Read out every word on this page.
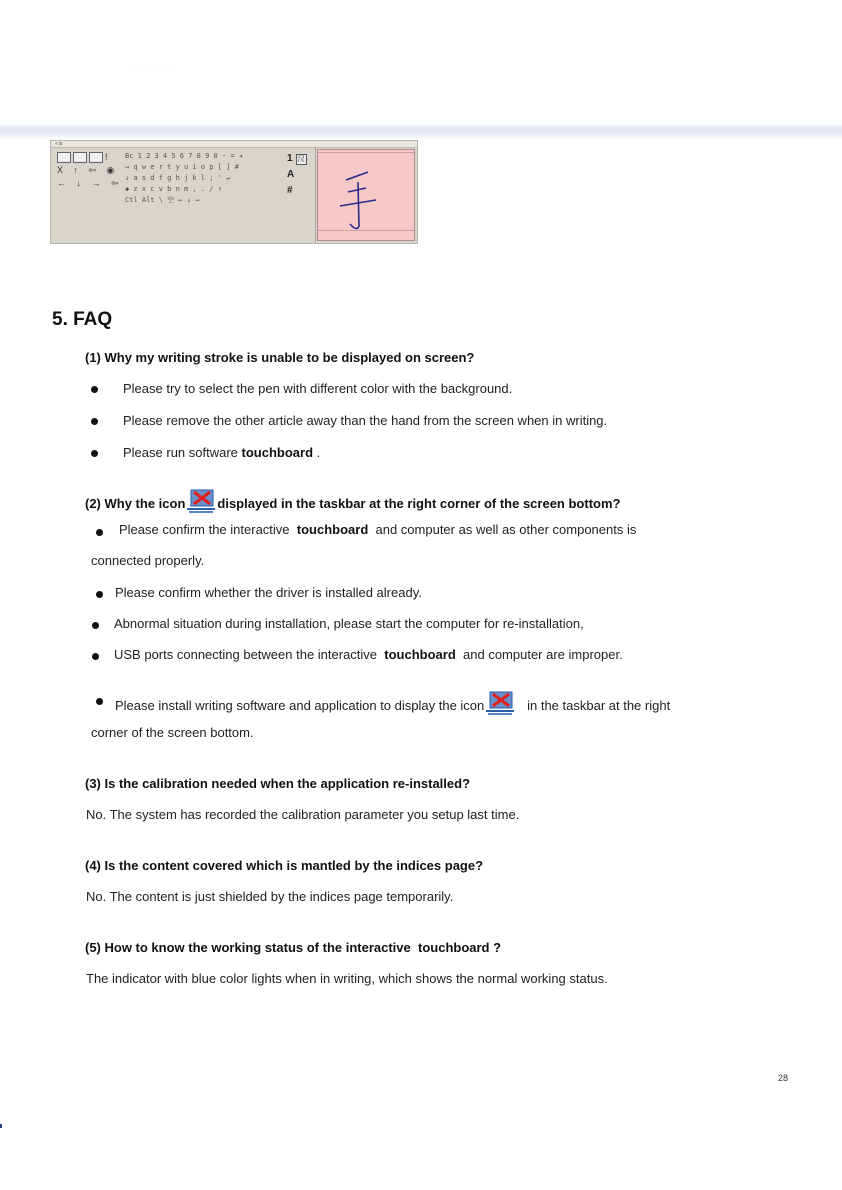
· · · · · · · · · · · · · ·
-□x
!
X ↑ ⇦ ◉
← ↓ → ⇦
Bc 1 2 3 4 5 6 7 8 9 0 - = ◂
→ q w e r t y u i o p [ ] #
↓ a s d f g h j k l ; ' ↵
◆ z x c v b n m , . / ↑
Ctl Alt \ 空 ← ↓ →
1 汉
A
#
5. FAQ
(1) Why my writing stroke is unable to be displayed on screen?
Please try to select the pen with different color with the background.
Please remove the other article away than the hand from the screen when in writing.
Please run software touchboard .
(2) Why the icon displayed in the taskbar at the right corner of the screen bottom?
Please confirm the interactive touchboard and computer as well as other components is
connected properly.
Please confirm whether the driver is installed already.
Abnormal situation during installation, please start the computer for re-installation,
USB ports connecting between the interactive touchboard and computer are improper.
Please install writing software and application to display the icon	in the taskbar at the right
corner of the screen bottom.
(3) Is the calibration needed when the application re-installed?
No. The system has recorded the calibration parameter you setup last time.
(4) Is the content covered which is mantled by the indices page?
No. The content is just shielded by the indices page temporarily.
(5) How to know the working status of the interactive touchboard ?
The indicator with blue color lights when in writing, which shows the normal working status.
28
